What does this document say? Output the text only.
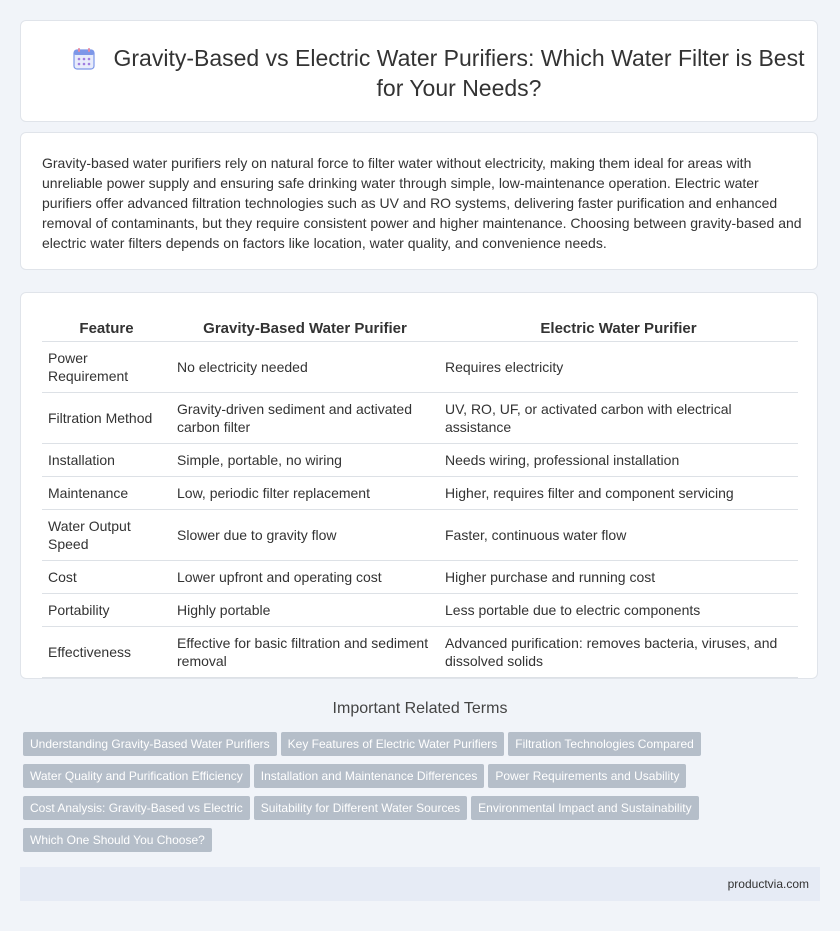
Gravity-Based vs Electric Water Purifiers: Which Water Filter is Best for Your Needs?

Gravity-based water purifiers rely on natural force to filter water without electricity, making them ideal for areas with unreliable power supply and ensuring safe drinking water through simple, low-maintenance operation. Electric water purifiers offer advanced filtration technologies such as UV and RO systems, delivering faster purification and enhanced removal of contaminants, but they require consistent power and higher maintenance. Choosing between gravity-based and electric water filters depends on factors like location, water quality, and convenience needs.

Feature	Gravity-Based Water Purifier	Electric Water Purifier
Power Requirement	No electricity needed	Requires electricity
Filtration Method	Gravity-driven sediment and activated carbon filter	UV, RO, UF, or activated carbon with electrical assistance
Installation	Simple, portable, no wiring	Needs wiring, professional installation
Maintenance	Low, periodic filter replacement	Higher, requires filter and component servicing
Water Output Speed	Slower due to gravity flow	Faster, continuous water flow
Cost	Lower upfront and operating cost	Higher purchase and running cost
Portability	Highly portable	Less portable due to electric components
Effectiveness	Effective for basic filtration and sediment removal	Advanced purification: removes bacteria, viruses, and dissolved solids
Important Related Terms
Understanding Gravity-Based Water Purifiers Key Features of Electric Water Purifiers Filtration Technologies Compared
Water Quality and Purification Efficiency Installation and Maintenance Differences Power Requirements and Usability
Cost Analysis: Gravity-Based vs Electric Suitability for Different Water Sources Environmental Impact and Sustainability
Which One Should You Choose?
productvia.com
